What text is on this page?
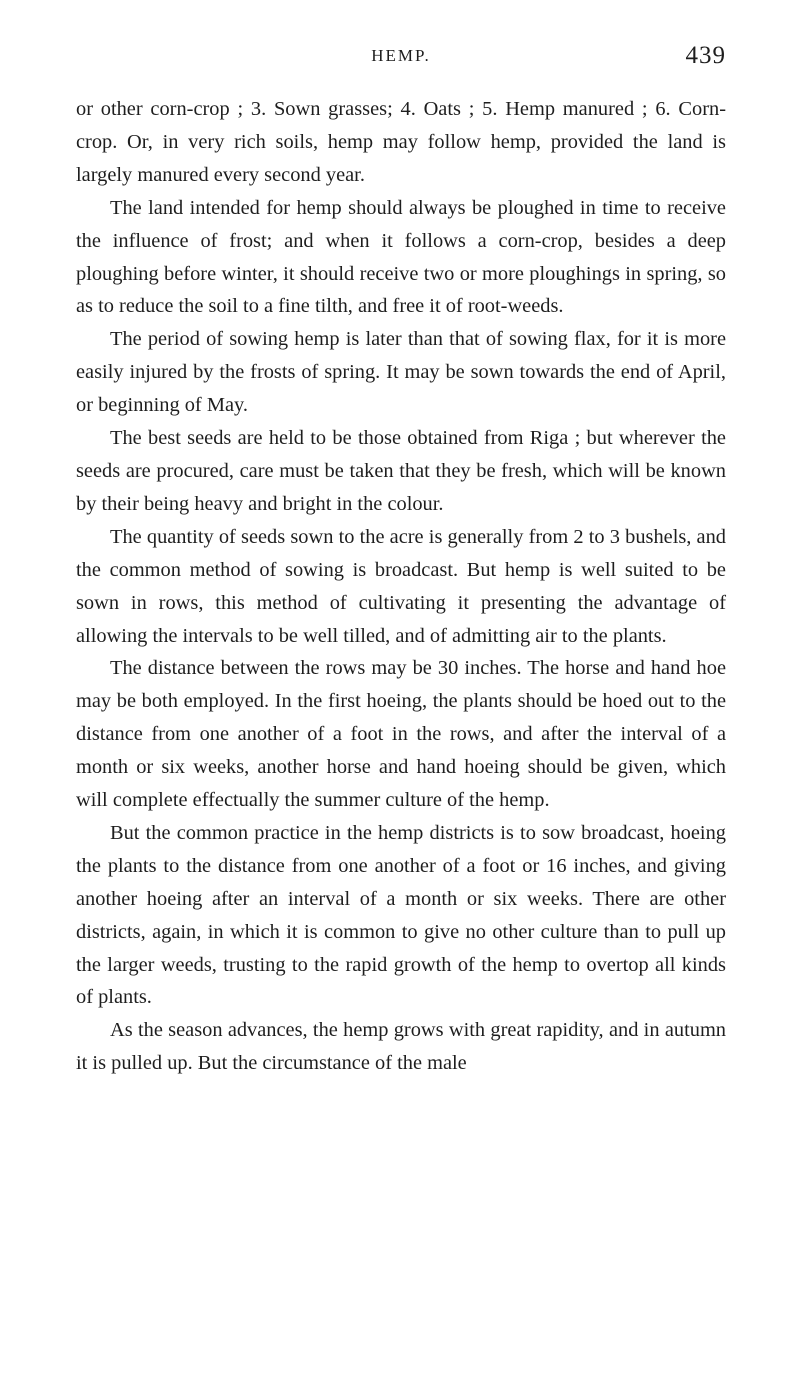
HEMP.	439

or other corn-crop ; 3. Sown grasses; 4. Oats ; 5. Hemp manured ; 6. Corn-crop. Or, in very rich soils, hemp may follow hemp, provided the land is largely manured every second year.

The land intended for hemp should always be ploughed in time to receive the influence of frost; and when it follows a corn-crop, besides a deep ploughing before winter, it should receive two or more ploughings in spring, so as to reduce the soil to a fine tilth, and free it of root-weeds.

The period of sowing hemp is later than that of sowing flax, for it is more easily injured by the frosts of spring. It may be sown towards the end of April, or beginning of May.

The best seeds are held to be those obtained from Riga ; but wherever the seeds are procured, care must be taken that they be fresh, which will be known by their being heavy and bright in the colour.

The quantity of seeds sown to the acre is generally from 2 to 3 bushels, and the common method of sowing is broadcast. But hemp is well suited to be sown in rows, this method of cultivating it presenting the advantage of allowing the intervals to be well tilled, and of admitting air to the plants.

The distance between the rows may be 30 inches. The horse and hand hoe may be both employed. In the first hoeing, the plants should be hoed out to the distance from one another of a foot in the rows, and after the interval of a month or six weeks, another horse and hand hoeing should be given, which will complete effectually the summer culture of the hemp.

But the common practice in the hemp districts is to sow broadcast, hoeing the plants to the distance from one another of a foot or 16 inches, and giving another hoeing after an interval of a month or six weeks. There are other districts, again, in which it is common to give no other culture than to pull up the larger weeds, trusting to the rapid growth of the hemp to overtop all kinds of plants.

As the season advances, the hemp grows with great rapidity, and in autumn it is pulled up. But the circumstance of the male
